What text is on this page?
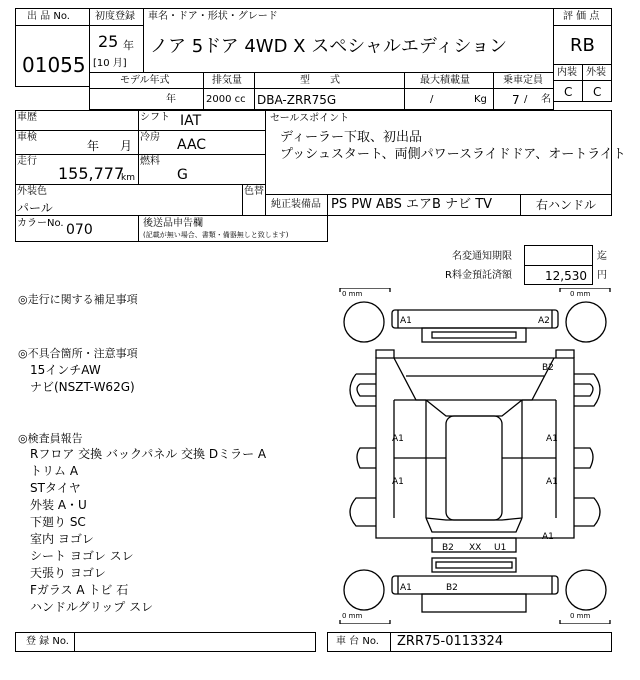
出 品 No.
01055
初度登録
25 年
[10 月]
車名・ドア・形状・グレード
ノア 5ドア 4WD X スペシャルエディション
評 価 点
RB
内装 外装
C C
モデル年式
年
排気量
2000 cc
型　　式
DBA-ZRR75G
最大積載量
/	Kg
乗車定員
7 / 名
車歴	シフト IAT
車検
年 月
冷房 AAC
走行
155,777
km
燃料
G
セールスポイント
ディーラー下取、初出品
プッシュスタート、両側パワースライドドア、オートライト
外装色
パール
色替
純正装備品 PS PW ABS エアB ナビ TV	右ハンドル
カラーNo. 070	後送品申告欄
(記載が無い場合、書類・備器無しと致します)
名変通知期限	迄
R料金預託済額	12,530 円
◎走行に関する補足事項
◎不具合箇所・注意事項
15インチAW
ナビ(NSZT-W62G)
◎検査員報告
Rフロア 交換 バックパネル 交換 Dミラー A
トリム A
STタイヤ
外装 A・U
下廻り SC
室内 ヨゴレ
シート ヨゴレ スレ
天張り ヨゴレ
Fガラス A トビ 石
ハンドルグリップ スレ
0 mm	0 mm
0 mm	0 mm
A1	A2
B2
A1
A1
A1
A1
A1
B2 XX U1
A1	B2
登 録 No.	車 台 No. ZRR75-0113324
